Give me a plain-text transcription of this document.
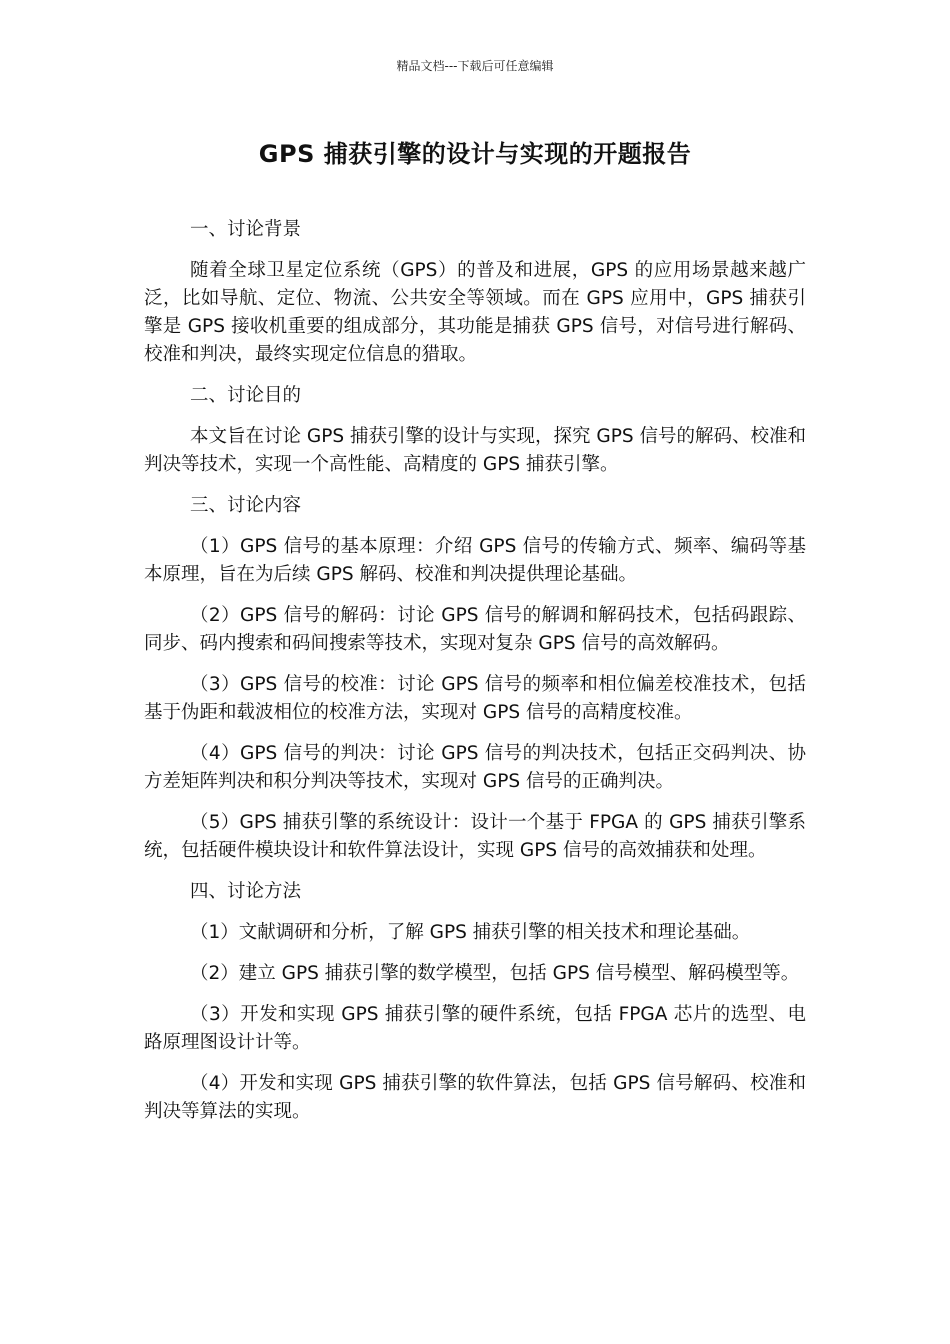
精品文档---下载后可任意编辑
GPS 捕获引擎的设计与实现的开题报告

一、讨论背景

随着全球卫星定位系统（GPS）的普及和进展，GPS 的应用场景越来越广泛，比如导航、定位、物流、公共安全等领域。而在 GPS 应用中，GPS 捕获引擎是 GPS 接收机重要的组成部分，其功能是捕获 GPS 信号，对信号进行解码、校准和判决，最终实现定位信息的猎取。

二、讨论目的

本文旨在讨论 GPS 捕获引擎的设计与实现，探究 GPS 信号的解码、校准和判决等技术，实现一个高性能、高精度的 GPS 捕获引擎。

三、讨论内容

（1）GPS 信号的基本原理：介绍 GPS 信号的传输方式、频率、编码等基本原理，旨在为后续 GPS 解码、校准和判决提供理论基础。

（2）GPS 信号的解码：讨论 GPS 信号的解调和解码技术，包括码跟踪、同步、码内搜索和码间搜索等技术，实现对复杂 GPS 信号的高效解码。

（3）GPS 信号的校准：讨论 GPS 信号的频率和相位偏差校准技术，包括基于伪距和载波相位的校准方法，实现对 GPS 信号的高精度校准。

（4）GPS 信号的判决：讨论 GPS 信号的判决技术，包括正交码判决、协方差矩阵判决和积分判决等技术，实现对 GPS 信号的正确判决。

（5）GPS 捕获引擎的系统设计：设计一个基于 FPGA 的 GPS 捕获引擎系统，包括硬件模块设计和软件算法设计，实现 GPS 信号的高效捕获和处理。

四、讨论方法

（1）文献调研和分析，了解 GPS 捕获引擎的相关技术和理论基础。

（2）建立 GPS 捕获引擎的数学模型，包括 GPS 信号模型、解码模型等。

（3）开发和实现 GPS 捕获引擎的硬件系统，包括 FPGA 芯片的选型、电路原理图设计计等。

（4）开发和实现 GPS 捕获引擎的软件算法，包括 GPS 信号解码、校准和判决等算法的实现。
